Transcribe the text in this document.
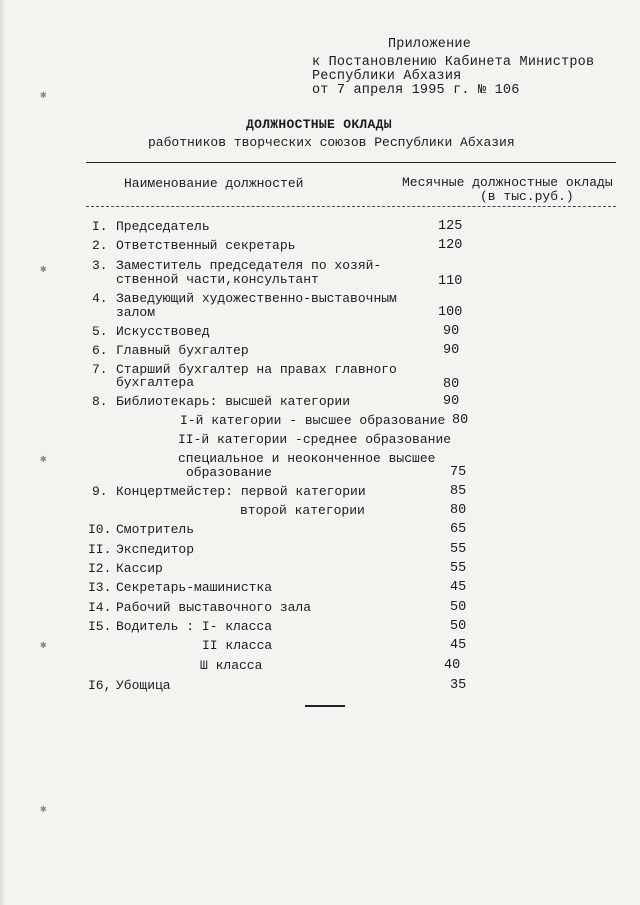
Приложение
к Постановлению Кабинета Министров
Республики Абхазия
от 7 апреля 1995 г. № 106
ДОЛЖНОСТНЫЕ ОКЛАДЫ
работников творческих союзов Республики Абхазия
Наименование должностей	Месячные должностные оклады
(в тыс.руб.)
I. Председатель	125
2. Ответственный секретарь	120
3. Заместитель председателя по хозяй-
ственной части,консультант	110
4. Заведующий художественно-выставочным
залом	100
5. Искусствовед	90
6. Главный бухгалтер	90
7. Старший бухгалтер на правах главного
бухгалтера	80
8. Библиотекарь: высшей категории	90
I-й категории - высшее образование 80
II-й категории -среднее образование
специальное и неоконченное высшее
образование	75
9. Концертмейстер: первой категории	85
второй категории	80
I0. Смотритель	65
II. Экспедитор	55
I2. Кассир	55
I3. Секретарь-машинистка	45
I4. Рабочий выставочного зала	50
I5. Водитель : I- класса	50
II класса	45
Ш класса	40
I6, Убощица	35
✱
✱
✱
✱
✱
